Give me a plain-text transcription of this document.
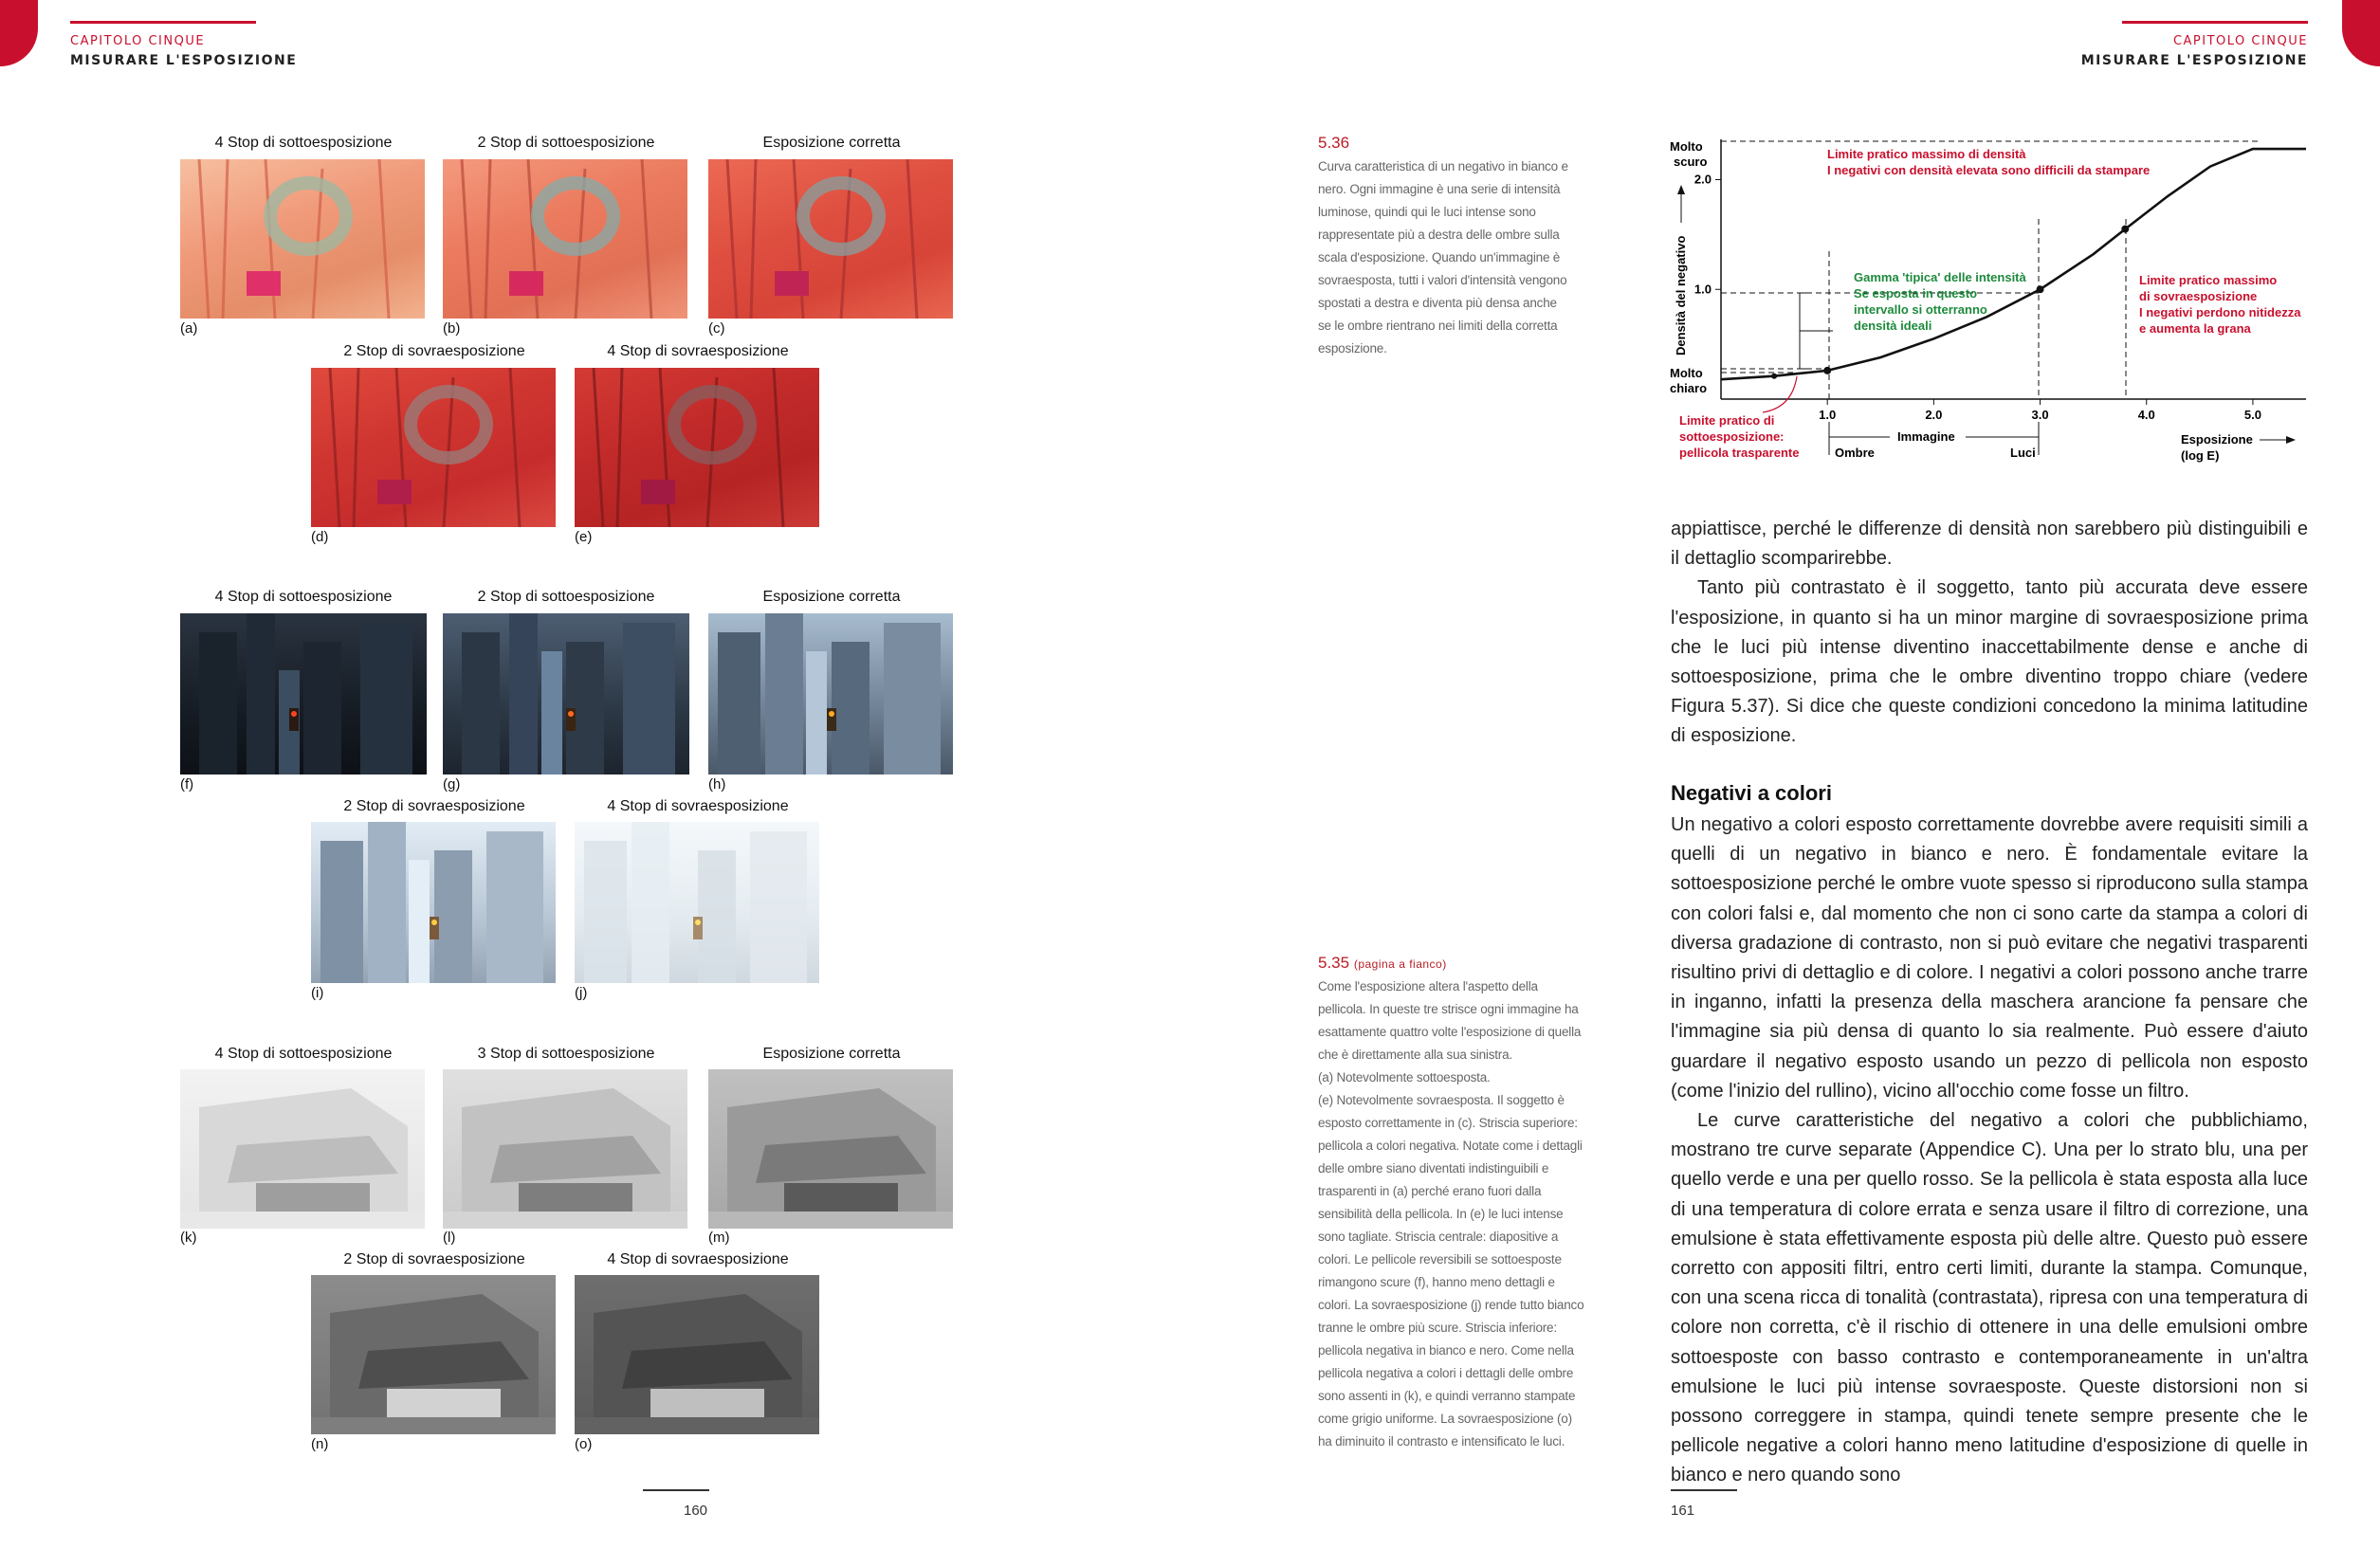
CAPITOLO CINQUE
MISURARE L'ESPOSIZIONE
CAPITOLO CINQUE
MISURARE L'ESPOSIZIONE
4 Stop di sottoesposizione	2 Stop di sottoesposizione	Esposizione corretta
(a)	(b)	(c)
2 Stop di sovraesposizione	4 Stop di sovraesposizione
(d)	(e)
4 Stop di sottoesposizione	2 Stop di sottoesposizione	Esposizione corretta
(f)	(g)	(h)
2 Stop di sovraesposizione	4 Stop di sovraesposizione
(i)	(j)
4 Stop di sottoesposizione	3 Stop di sottoesposizione	Esposizione corretta
(k)	(l)	(m)
2 Stop di sovraesposizione	4 Stop di sovraesposizione
(n)	(o)
160
5.36

Curva caratteristica di un negativo in bianco e

nero. Ogni immagine è una serie di intensità

luminose, quindi qui le luci intense sono

rappresentate più a destra delle ombre sulla

scala d'esposizione. Quando un'immagine è

sovraesposta, tutti i valori d'intensità vengono

spostati a destra e diventa più densa anche

se le ombre rientrano nei limiti della corretta

esposizione.

5.35 (pagina a fianco)

Come l'esposizione altera l'aspetto della

pellicola. In queste tre strisce ogni immagine ha

esattamente quattro volte l'esposizione di quella

che è direttamente alla sua sinistra.

(a) Notevolmente sottoesposta.

(e) Notevolmente sovraesposta. Il soggetto è

esposto correttamente in (c). Striscia superiore:

pellicola a colori negativa. Notate come i dettagli

delle ombre siano diventati indistinguibili e

trasparenti in (a) perché erano fuori dalla

sensibilità della pellicola. In (e) le luci intense

sono tagliate. Striscia centrale: diapositive a

colori. Le pellicole reversibili se sottoesposte

rimangono scure (f), hanno meno dettagli e

colori. La sovraesposizione (j) rende tutto bianco

tranne le ombre più scure. Striscia inferiore:

pellicola negativa in bianco e nero. Come nella

pellicola negativa a colori i dettagli delle ombre

sono assenti in (k), e quindi verranno stampate

come grigio uniforme. La sovraesposizione (o)

ha diminuito il contrasto e intensificato le luci.

Molto
scuro
Molto
chiaro
Densità del negativo 1.0
2.0
1.0	2.0	3.0	4.0	5.0
Limite pratico massimo di densità
I negativi con densità elevata sono difficili da stampare
Gamma 'tipica' delle intensità
Se esposta in questo
intervallo si otterranno
densità ideali
Limite pratico massimo
di sovraesposizione
I negativi perdono nitidezza
e aumenta la grana
Limite pratico di
sottoesposizione:
pellicola trasparente
Immagine
Ombre	Luci
Esposizione
(log E)

appiattisce, perché le differenze di densità non sarebbero più distinguibili e il dettaglio scomparirebbe.

Tanto più contrastato è il soggetto, tanto più accurata deve essere l'esposizione, in quanto si ha un minor margine di sovraesposizione prima che le luci più intense diventino inaccettabilmente dense e anche di sottoesposizione, prima che le ombre diventino troppo chiare (vedere Figura 5.37). Si dice che queste condizioni concedono la minima latitudine di esposizione.

Negativi a colori

Un negativo a colori esposto correttamente dovrebbe avere requisiti simili a quelli di un negativo in bianco e nero. È fondamentale evitare la sottoesposizione perché le ombre vuote spesso si riproducono sulla stampa con colori falsi e, dal momento che non ci sono carte da stampa a colori di diversa gradazione di contrasto, non si può evitare che negativi trasparenti risultino privi di dettaglio e di colore. I negativi a colori possono anche trarre in inganno, infatti la presenza della maschera arancione fa pensare che l'immagine sia più densa di quanto lo sia realmente. Può essere d'aiuto guardare il negativo esposto usando un pezzo di pellicola non esposto (come l'inizio del rullino), vicino all'occhio come fosse un filtro.

Le curve caratteristiche del negativo a colori che pubblichiamo, mostrano tre curve separate (Appendice C). Una per lo strato blu, una per quello verde e una per quello rosso. Se la pellicola è stata esposta alla luce di una temperatura di colore errata e senza usare il filtro di correzione, una emulsione è stata effettivamente esposta più delle altre. Questo può essere corretto con appositi filtri, entro certi limiti, durante la stampa. Comunque, con una scena ricca di tonalità (contrastata), ripresa con una temperatura di colore non corretta, c'è il rischio di ottenere in una delle emulsioni ombre sottoesposte con basso contrasto e contemporaneamente in un'altra emulsione le luci più intense sovraesposte. Queste distorsioni non si possono correggere in stampa, quindi tenete sempre presente che le pellicole negative a colori hanno meno latitudine d'esposizione di quelle in bianco e nero quando sono

161
